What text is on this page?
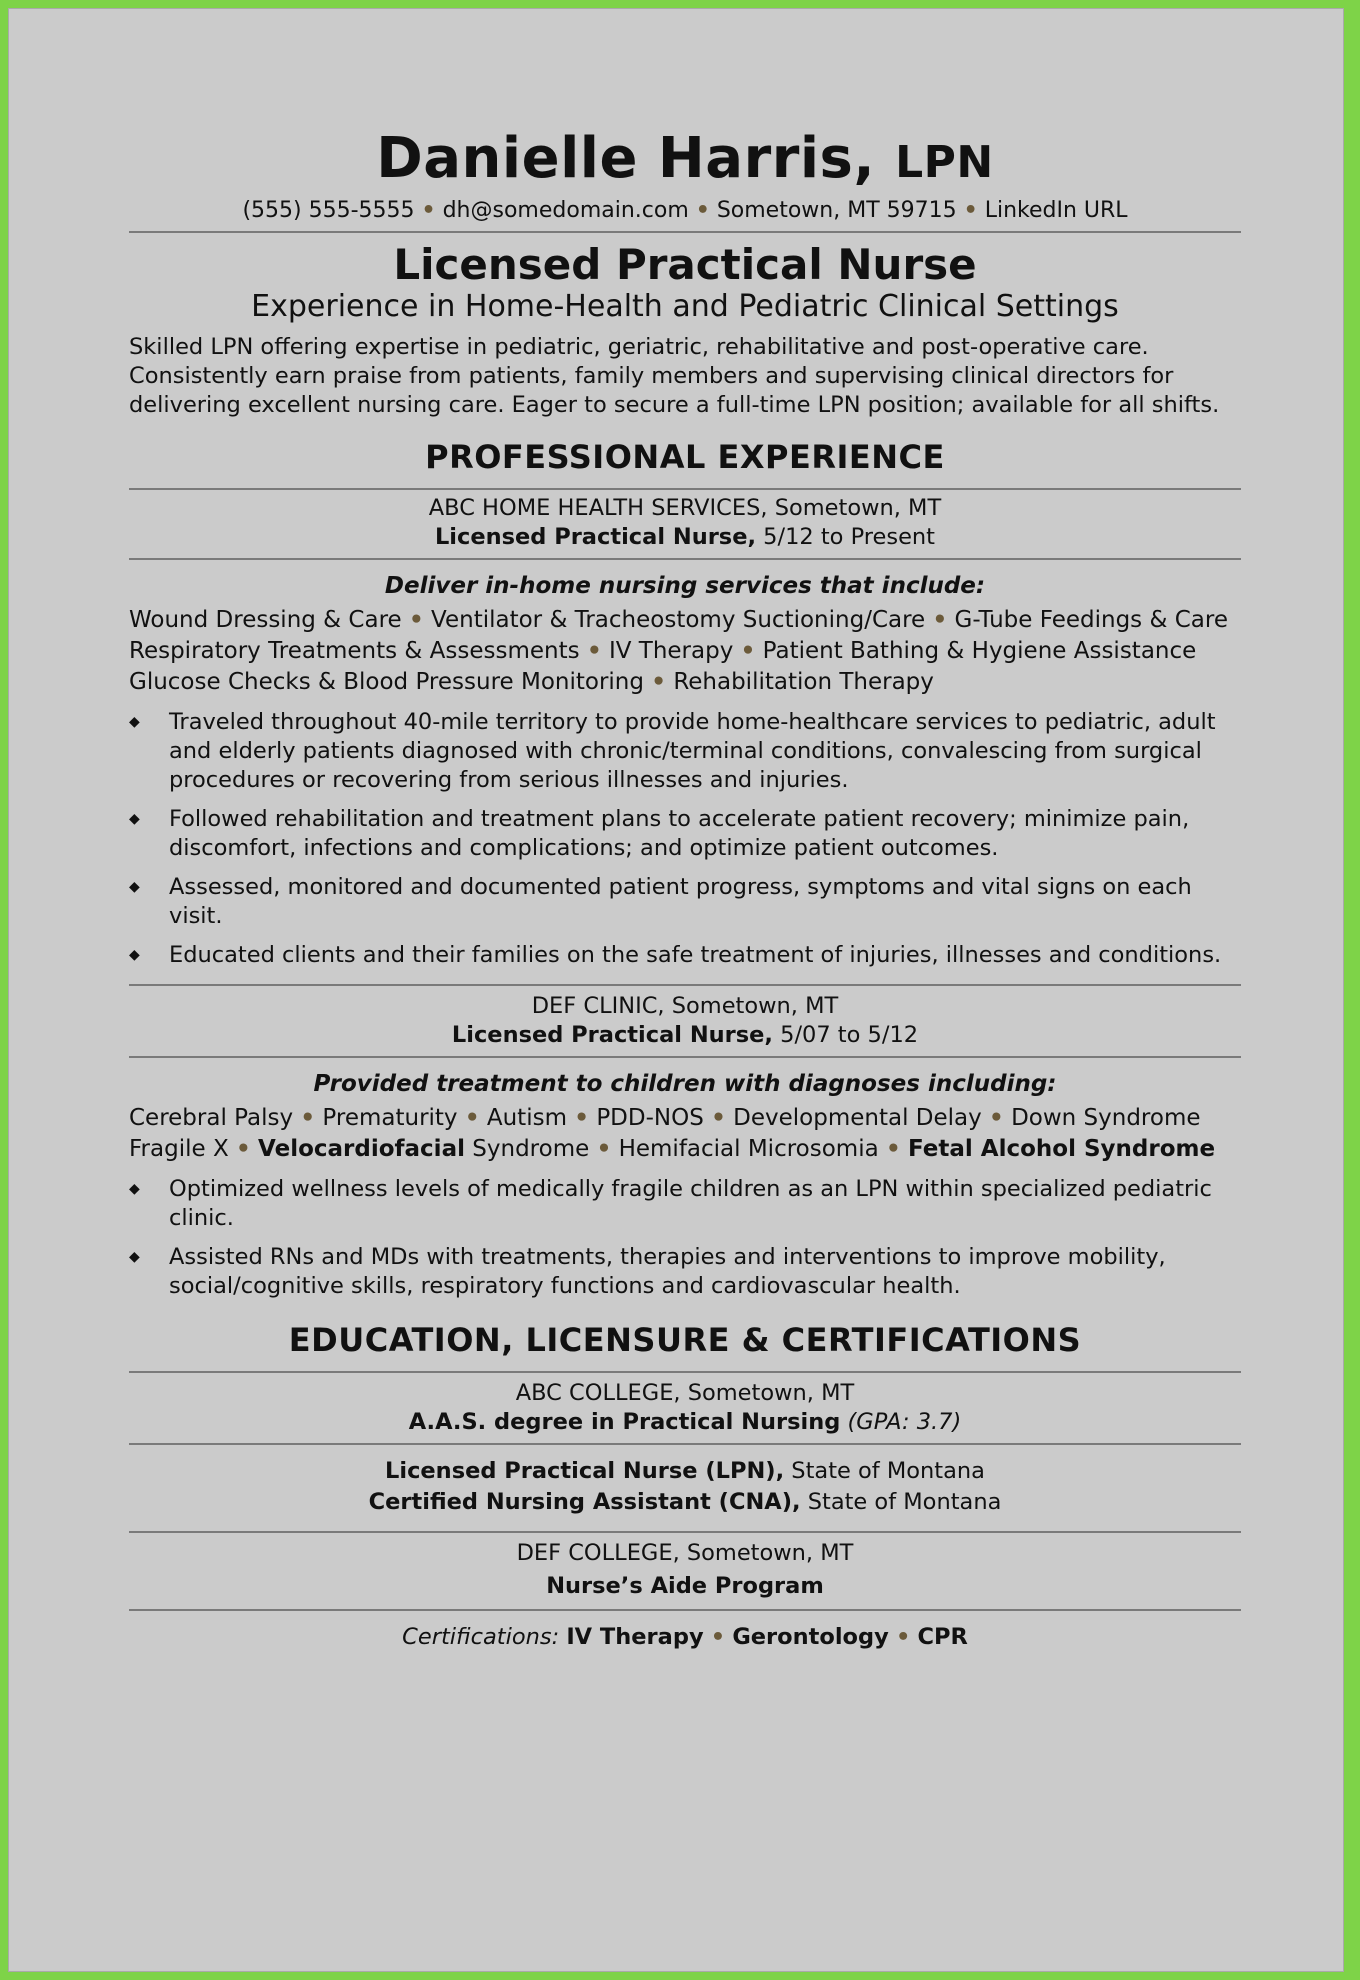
Danielle Harris, LPN
(555) 555-5555 • dh@somedomain.com • Sometown, MT 59715 • LinkedIn URL
Licensed Practical Nurse
Experience in Home-Health and Pediatric Clinical Settings
Skilled LPN offering expertise in pediatric, geriatric, rehabilitative and post-operative care. Consistently earn praise from patients, family members and supervising clinical directors for delivering excellent nursing care. Eager to secure a full-time LPN position; available for all shifts.
PROFESSIONAL EXPERIENCE
ABC HOME HEALTH SERVICES, Sometown, MT
Licensed Practical Nurse, 5/12 to Present
Deliver in-home nursing services that include:
Wound Dressing & Care • Ventilator & Tracheostomy Suctioning/Care • G-Tube Feedings & Care
Respiratory Treatments & Assessments • IV Therapy • Patient Bathing & Hygiene Assistance
Glucose Checks & Blood Pressure Monitoring • Rehabilitation Therapy
◆ Traveled throughout 40-mile territory to provide home-healthcare services to pediatric, adult and elderly patients diagnosed with chronic/terminal conditions, convalescing from surgical procedures or recovering from serious illnesses and injuries.
◆ Followed rehabilitation and treatment plans to accelerate patient recovery; minimize pain, discomfort, infections and complications; and optimize patient outcomes.
◆ Assessed, monitored and documented patient progress, symptoms and vital signs on each visit.
◆ Educated clients and their families on the safe treatment of injuries, illnesses and conditions.
DEF CLINIC, Sometown, MT
Licensed Practical Nurse, 5/07 to 5/12
Provided treatment to children with diagnoses including:
Cerebral Palsy • Prematurity • Autism • PDD-NOS • Developmental Delay • Down Syndrome
Fragile X • Velocardiofacial Syndrome • Hemifacial Microsomia • Fetal Alcohol Syndrome
◆ Optimized wellness levels of medically fragile children as an LPN within specialized pediatric clinic.
◆ Assisted RNs and MDs with treatments, therapies and interventions to improve mobility, social/cognitive skills, respiratory functions and cardiovascular health.
EDUCATION, LICENSURE & CERTIFICATIONS
ABC COLLEGE, Sometown, MT
A.A.S. degree in Practical Nursing (GPA: 3.7)
Licensed Practical Nurse (LPN), State of Montana
Certified Nursing Assistant (CNA), State of Montana
DEF COLLEGE, Sometown, MT
Nurse’s Aide Program
Certifications: IV Therapy • Gerontology • CPR
